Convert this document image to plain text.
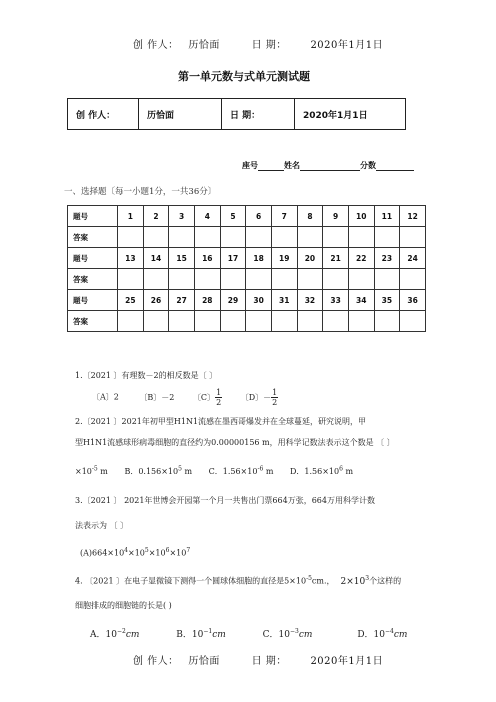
创 作人： 历恰面	日 期： 2020年1月1日
第一单元数与式单元测试题
创 作人：	历恰面	日 期：	2020年1月1日
座号	姓名	分数
一、选择题〔每一小题1分，一共36分〕
题号	1	2	3	4	5	6	7	8	9	10	11	12
答案												
题号	13	14	15	16	17	18	19	20	21	22	23	24
答案												
题号	25	26	27	28	29	30	31	32	33	34	35	36
答案												
1.〔2021 〕有理数－2的相反数是〔 〕
〔A〕2	〔B〕－2 〔C〕 $\frac{1}{2}$ 〔D〕－ $\frac{1}{2}$
2.〔2021 〕2021年初甲型H1N1流感在墨西哥爆发并在全球蔓延，研究说明，甲
型H1N1流感球形病毒细胞的直径约为0.00000156 m，用科学记数法表示这个数是 〔 〕
$\times 10^{-5}$ m B．$0.156\times 10^5$ m C．$1.56\times 10^{-6}$ m D．$1.56\times 10^6$ m
3.〔2021 〕 2021年世博会开园第一个月一共售出门票664万张，664万用科学计数
法表示为 〔 〕
$(A)664\times 10^4\times 10^5\times 10^6\times 10^7$
4. 〔2021 〕在电子显微镜下测得一个圆球体细胞的直径是$5\times 10^{-5}cm$.， $2\times 10^3$个这样的
细胞排成的细胞链的长是( )
A．$10^{-2}cm$	B．$10^{-1}cm$	C．$10^{-3}cm$	D．$10^{-4}cm$
创 作人： 历恰面	日 期： 2020年1月1日
